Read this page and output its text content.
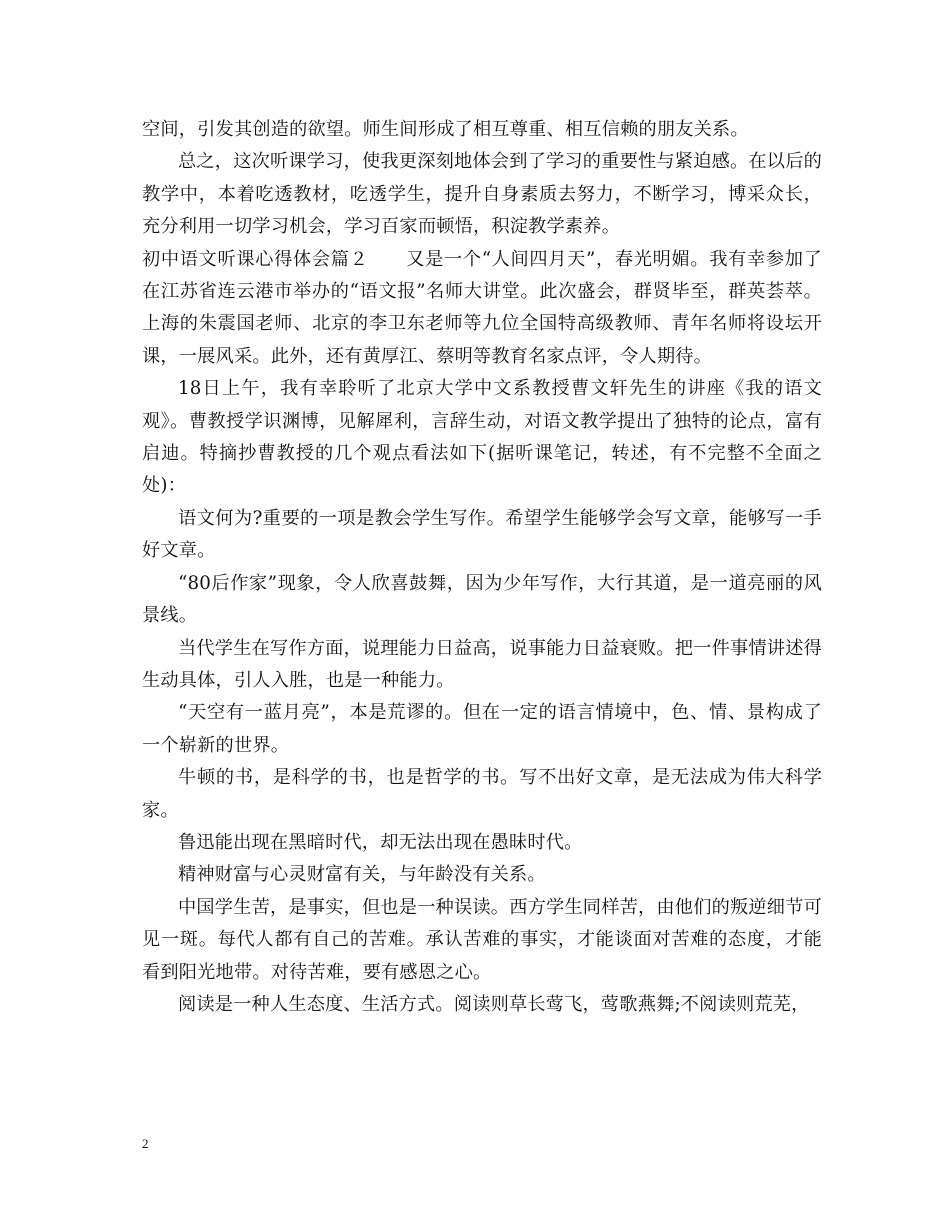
空间，引发其创造的欲望。师生间形成了相互尊重、相互信赖的朋友关系。

总之，这次听课学习，使我更深刻地体会到了学习的重要性与紧迫感。在以后的教学中，本着吃透教材，吃透学生，提升自身素质去努力，不断学习，博采众长，充分利用一切学习机会，学习百家而顿悟，积淀教学素养。

初中语文听课心得体会篇２　　又是一个“人间四月天”，春光明媚。我有幸参加了在江苏省连云港市举办的“语文报”名师大讲堂。此次盛会，群贤毕至，群英荟萃。上海的朱震国老师、北京的李卫东老师等九位全国特高级教师、青年名师将设坛开课，一展风采。此外，还有黄厚江、蔡明等教育名家点评，令人期待。

18日上午，我有幸聆听了北京大学中文系教授曹文轩先生的讲座《我的语文观》。曹教授学识渊博，见解犀利，言辞生动，对语文教学提出了独特的论点，富有启迪。特摘抄曹教授的几个观点看法如下(据听课笔记，转述，有不完整不全面之处)：

语文何为?重要的一项是教会学生写作。希望学生能够学会写文章，能够写一手好文章。

“80后作家”现象，令人欣喜鼓舞，因为少年写作，大行其道，是一道亮丽的风景线。

当代学生在写作方面，说理能力日益高，说事能力日益衰败。把一件事情讲述得生动具体，引人入胜，也是一种能力。

“天空有一蓝月亮”，本是荒谬的。但在一定的语言情境中，色、情、景构成了一个崭新的世界。

牛顿的书，是科学的书，也是哲学的书。写不出好文章，是无法成为伟大科学家。

鲁迅能出现在黑暗时代，却无法出现在愚昧时代。

精神财富与心灵财富有关，与年龄没有关系。

中国学生苦，是事实，但也是一种误读。西方学生同样苦，由他们的叛逆细节可见一斑。每代人都有自己的苦难。承认苦难的事实，才能谈面对苦难的态度，才能看到阳光地带。对待苦难，要有感恩之心。

阅读是一种人生态度、生活方式。阅读则草长莺飞，莺歌燕舞;不阅读则荒芜，

2
